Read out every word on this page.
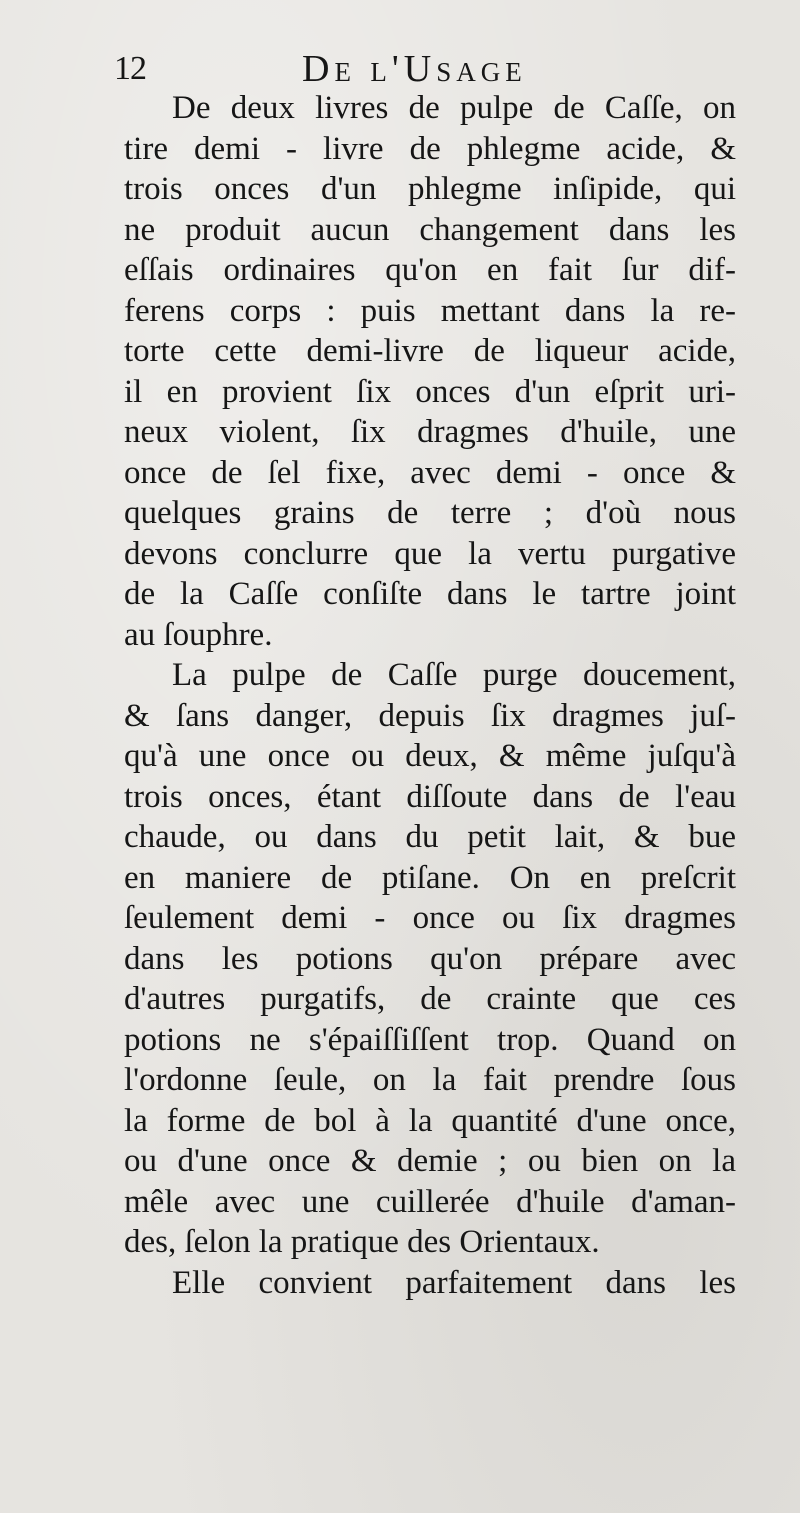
12	De l'Usage
De deux livres de pulpe de Caſſe, on
tire demi - livre de phlegme acide, &
trois onces d'un phlegme inſipide, qui
ne produit aucun changement dans les
eſſais ordinaires qu'on en fait ſur dif-
ferens corps : puis mettant dans la re-
torte cette demi-livre de liqueur acide,
il en provient ſix onces d'un eſprit uri-
neux violent, ſix dragmes d'huile, une
once de ſel fixe, avec demi - once &
quelques grains de terre ; d'où nous
devons conclurre que la vertu purgative
de la Caſſe conſiſte dans le tartre joint
au ſouphre.
La pulpe de Caſſe purge doucement,
& ſans danger, depuis ſix dragmes juſ-
qu'à une once ou deux, & même juſqu'à
trois onces, étant diſſoute dans de l'eau
chaude, ou dans du petit lait, & bue
en maniere de ptiſane. On en preſcrit
ſeulement demi - once ou ſix dragmes
dans les potions qu'on prépare avec
d'autres purgatifs, de crainte que ces
potions ne s'épaiſſiſſent trop. Quand on
l'ordonne ſeule, on la fait prendre ſous
la forme de bol à la quantité d'une once,
ou d'une once & demie ; ou bien on la
mêle avec une cuillerée d'huile d'aman-
des, ſelon la pratique des Orientaux.
Elle convient parfaitement dans les
